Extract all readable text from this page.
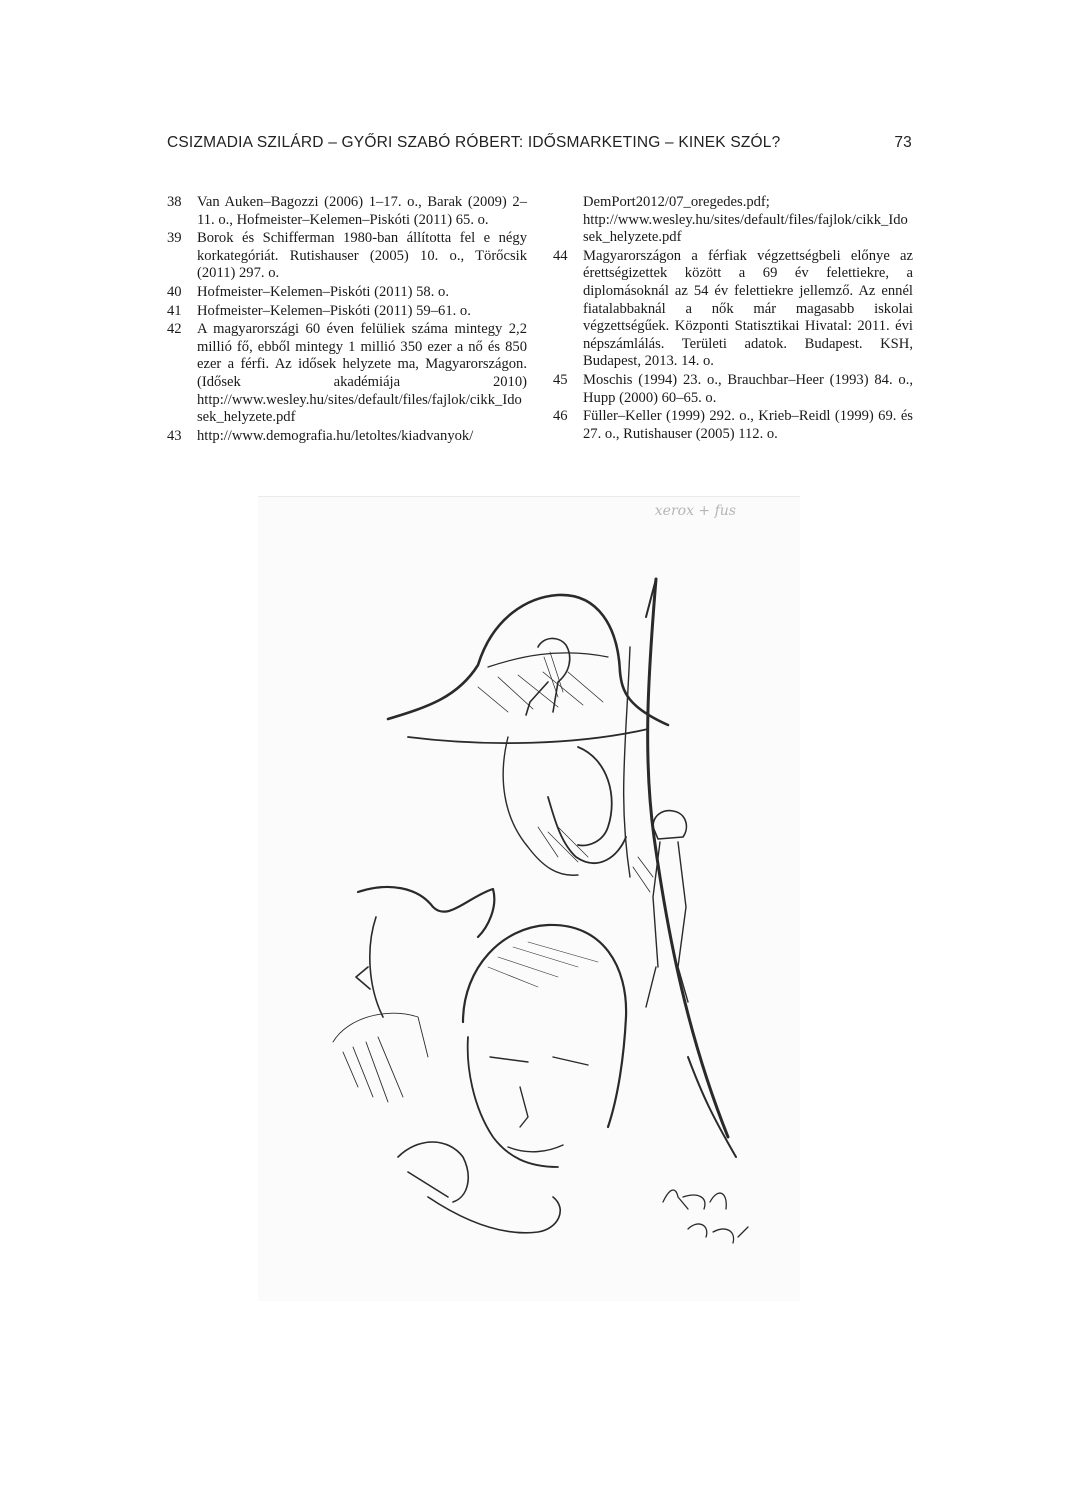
CSIZMADIA SZILÁRD – GYŐRI SZABÓ RÓBERT: IDŐSMARKETING – KINEK SZÓL?	73
38	Van Auken–Bagozzi (2006) 1–17. o., Barak (2009) 2–11. o., Hofmeister–Kelemen–Piskóti (2011) 65. o.
39	Borok és Schifferman 1980-ban állította fel e négy korkategóriát. Rutishauser (2005) 10. o., Törőcsik (2011) 297. o.
40	Hofmeister–Kelemen–Piskóti (2011) 58. o.
41	Hofmeister–Kelemen–Piskóti (2011) 59–61. o.
42	A magyarországi 60 éven felüliek száma mintegy 2,2 millió fő, ebből mintegy 1 millió 350 ezer a nő és 850 ezer a férfi. Az idősek helyzete ma, Magyarországon. (Idősek akadémiája 2010) http://www.wesley.hu/sites/default/files/fajlok/cikk_Idosek_helyzete.pdf
43	http://www.demografia.hu/letoltes/kiadvanyok/
DemPort2012/07_oregedes.pdf; http://www.wesley.hu/sites/default/files/fajlok/cikk_Idosek_helyzete.pdf
44	Magyarországon a férfiak végzettségbeli előnye az érettségizettek között a 69 év felettiekre, a diplomásoknál az 54 év felettiekre jellemző. Az ennél fiatalabbaknál a nők már magasabb iskolai végzettségűek. Központi Statisztikai Hivatal: 2011. évi népszámlálás. Területi adatok. Budapest. KSH, Budapest, 2013. 14. o.
45	Moschis (1994) 23. o., Brauchbar–Heer (1993) 84. o., Hupp (2000) 60–65. o.
46	Füller–Keller (1999) 292. o., Krieb–Reidl (1999) 69. és 27. o., Rutishauser (2005) 112. o.
xerox + fus
